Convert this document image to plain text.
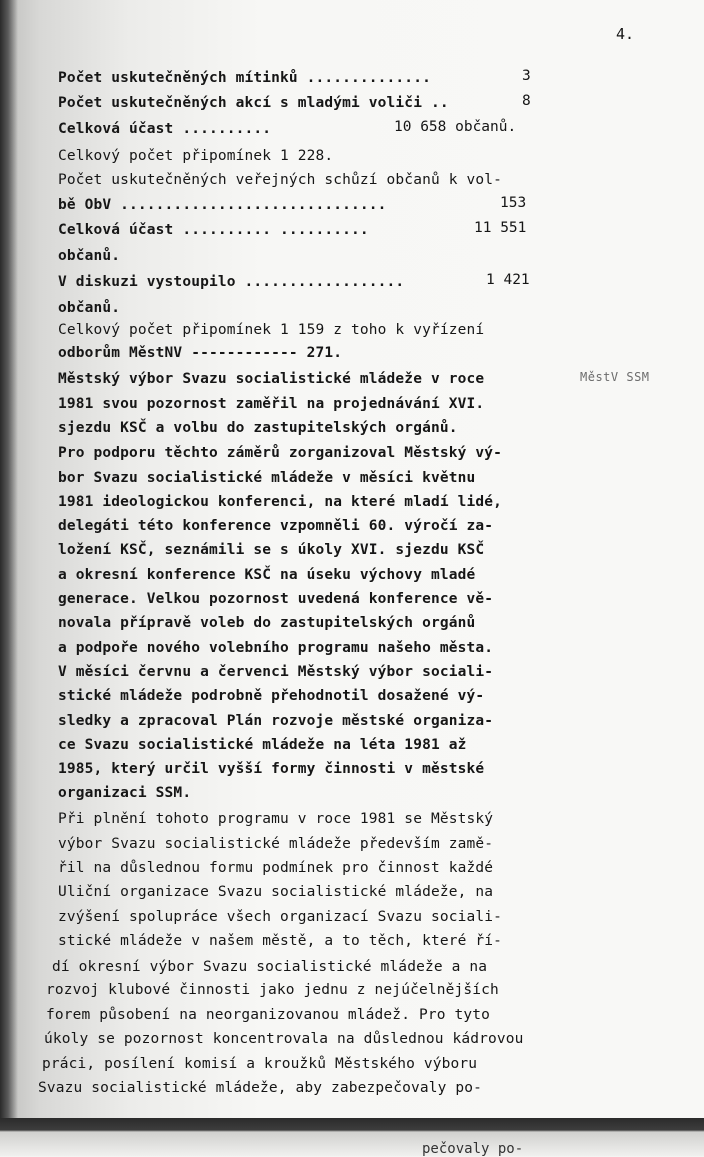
4.
MěstV SSM
Počet uskutečněných mítinků ..............	3
Počet uskutečněných akcí s mladými voliči ..	8
Celková účast ..........	10 658 občanů.
Celkový počet připomínek 1 228.
Počet uskutečněných veřejných schůzí občanů k vol-
bě ObV ..............................	153
Celková účast .......... ..........	11 551
občanů.
V diskuzi vystoupilo ..................	1 421
občanů.
Celkový počet připomínek 1 159 z toho k vyřízení
odborům MěstNV ------------ 271.
Městský výbor Svazu socialistické mládeže v roce
1981 svou pozornost zaměřil na projednávání XVI.
sjezdu KSČ a volbu do zastupitelských orgánů.
Pro podporu těchto záměrů zorganizoval Městský vý-
bor Svazu socialistické mládeže v měsíci květnu
1981 ideologickou konferenci, na které mladí lidé,
delegáti této konference vzpomněli 60. výročí za-
ložení KSČ, seznámili se s úkoly XVI. sjezdu KSČ
a okresní konference KSČ na úseku výchovy mladé
generace. Velkou pozornost uvedená konference vě-
novala přípravě voleb do zastupitelských orgánů
a podpoře nového volebního programu našeho města.
V měsíci červnu a červenci Městský výbor sociali-
stické mládeže podrobně přehodnotil dosažené vý-
sledky a zpracoval Plán rozvoje městské organiza-
ce Svazu socialistické mládeže na léta 1981 až
1985, který určil vyšší formy činnosti v městské
organizaci SSM.
Při plnění tohoto programu v roce 1981 se Městský
výbor Svazu socialistické mládeže především zamě-
řil na důslednou formu podmínek pro činnost každé
Uliční organizace Svazu socialistické mládeže, na
zvýšení spolupráce všech organizací Svazu sociali-
stické mládeže v našem městě, a to těch, které ří-
dí okresní výbor Svazu socialistické mládeže a na
rozvoj klubové činnosti jako jednu z nejúčelnějších
forem působení na neorganizovanou mládež. Pro tyto
úkoly se pozornost koncentrovala na důslednou kádrovou
práci, posílení komisí a kroužků Městského výboru
Svazu socialistické mládeže, aby zabezpečovaly po-
pečovaly po-
